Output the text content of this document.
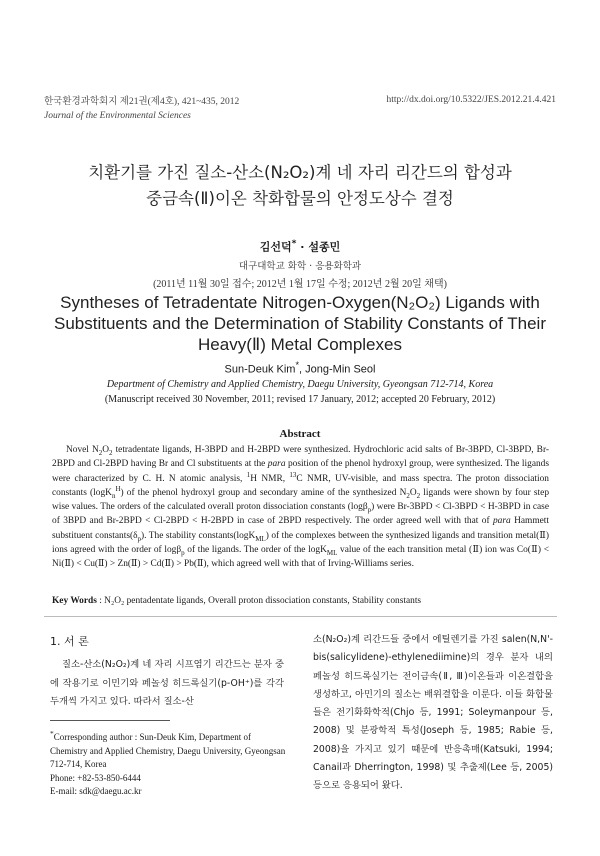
한국환경과학회지 제21권(제4호), 421~435, 2012
Journal of the Environmental Sciences
http://dx.doi.org/10.5322/JES.2012.21.4.421
치환기를 가진 질소-산소(N₂O₂)계 네 자리 리간드의 합성과
중금속(Ⅱ)이온 착화합물의 안정도상수 결정
김선덕* · 설종민
대구대학교 화학 · 응용화학과
(2011년 11월 30일 접수; 2012년 1월 17일 수정; 2012년 2월 20일 채택)
Syntheses of Tetradentate Nitrogen-Oxygen(N₂O₂) Ligands with Substituents and the Determination of Stability Constants of Their Heavy(Ⅱ) Metal Complexes
Sun-Deuk Kim*, Jong-Min Seol
Department of Chemistry and Applied Chemistry, Daegu University, Gyeongsan 712-714, Korea
(Manuscript received 30 November, 2011; revised 17 January, 2012; accepted 20 February, 2012)
Abstract
Novel $N_2O_2$ tetradentate ligands, H-3BPD and H-2BPD were synthesized. Hydrochloric acid salts of Br-3BPD, Cl-3BPD, Br-2BPD and Cl-2BPD having Br and Cl substituents at the para position of the phenol hydroxyl group, were synthesized. The ligands were characterized by C. H. N atomic analysis, $^1$H NMR, $^{13}$C NMR, UV-visible, and mass spectra. The proton dissociation constants (logK$_n^H$) of the phenol hydroxyl group and secondary amine of the synthesized $N_2O_2$ ligands were shown by four step wise values. The orders of the calculated overall proton dissociation constants (logβ$_p$) were Br-3BPD < Cl-3BPD < H-3BPD in case of 3BPD and Br-2BPD < Cl-2BPD < H-2BPD in case of 2BPD respectively. The order agreed well with that of para Hammett substituent $constants(\delta_p)$. The stability constants(logK$_{ML}$) of the complexes between the synthesized ligands and transition metal(Ⅱ) ions agreed with the order of logβ$_p$ of the ligands. The order of the logK$_{ML}$ value of the each transition metal (Ⅱ) ion was Co(Ⅱ) < Ni(Ⅱ) < Cu(Ⅱ) > Zn(Ⅱ) > Cd(Ⅱ) > Pb(Ⅱ), which agreed well with that of Irving-Williams series.
Key Words : N₂O₂ pentadentate ligands, Overall proton dissociation constants, Stability constants
1. 서 론
질소-산소(N₂O₂)계 네 자리 시프염기 리간드는 분자 중에 작용기로 이민기와 페놀성 히드록실기(p-OH⁺)를 각각 두개씩 가지고 있다. 따라서 질소-산
*Corresponding author : Sun-Deuk Kim, Department of Chemistry and Applied Chemistry, Daegu University, Gyeongsan 712-714, Korea
Phone: +82-53-850-6444
E-mail: sdk@daegu.ac.kr
소(N₂O₂)계 리간드들 중에서 에틸렌기를 가진 salen(N,N'-bis(salicylidene)-ethylenediimine)의 경우 분자 내의 페놀성 히드록실기는 전이금속(Ⅱ, Ⅲ)이온들과 이온결합을 생성하고, 아민기의 질소는 배위결합을 이룬다. 이들 화합물들은 전기화화학적(Chjo 등, 1991; Soleymanpour 등, 2008) 및 분광학적 특성(Joseph 등, 1985; Rabie 등, 2008)을 가지고 있기 때문에 반응촉매(Katsuki, 1994; Canail과 Dherrington, 1998) 및 추출제(Lee 등, 2005) 등으로 응용되어 왔다.
